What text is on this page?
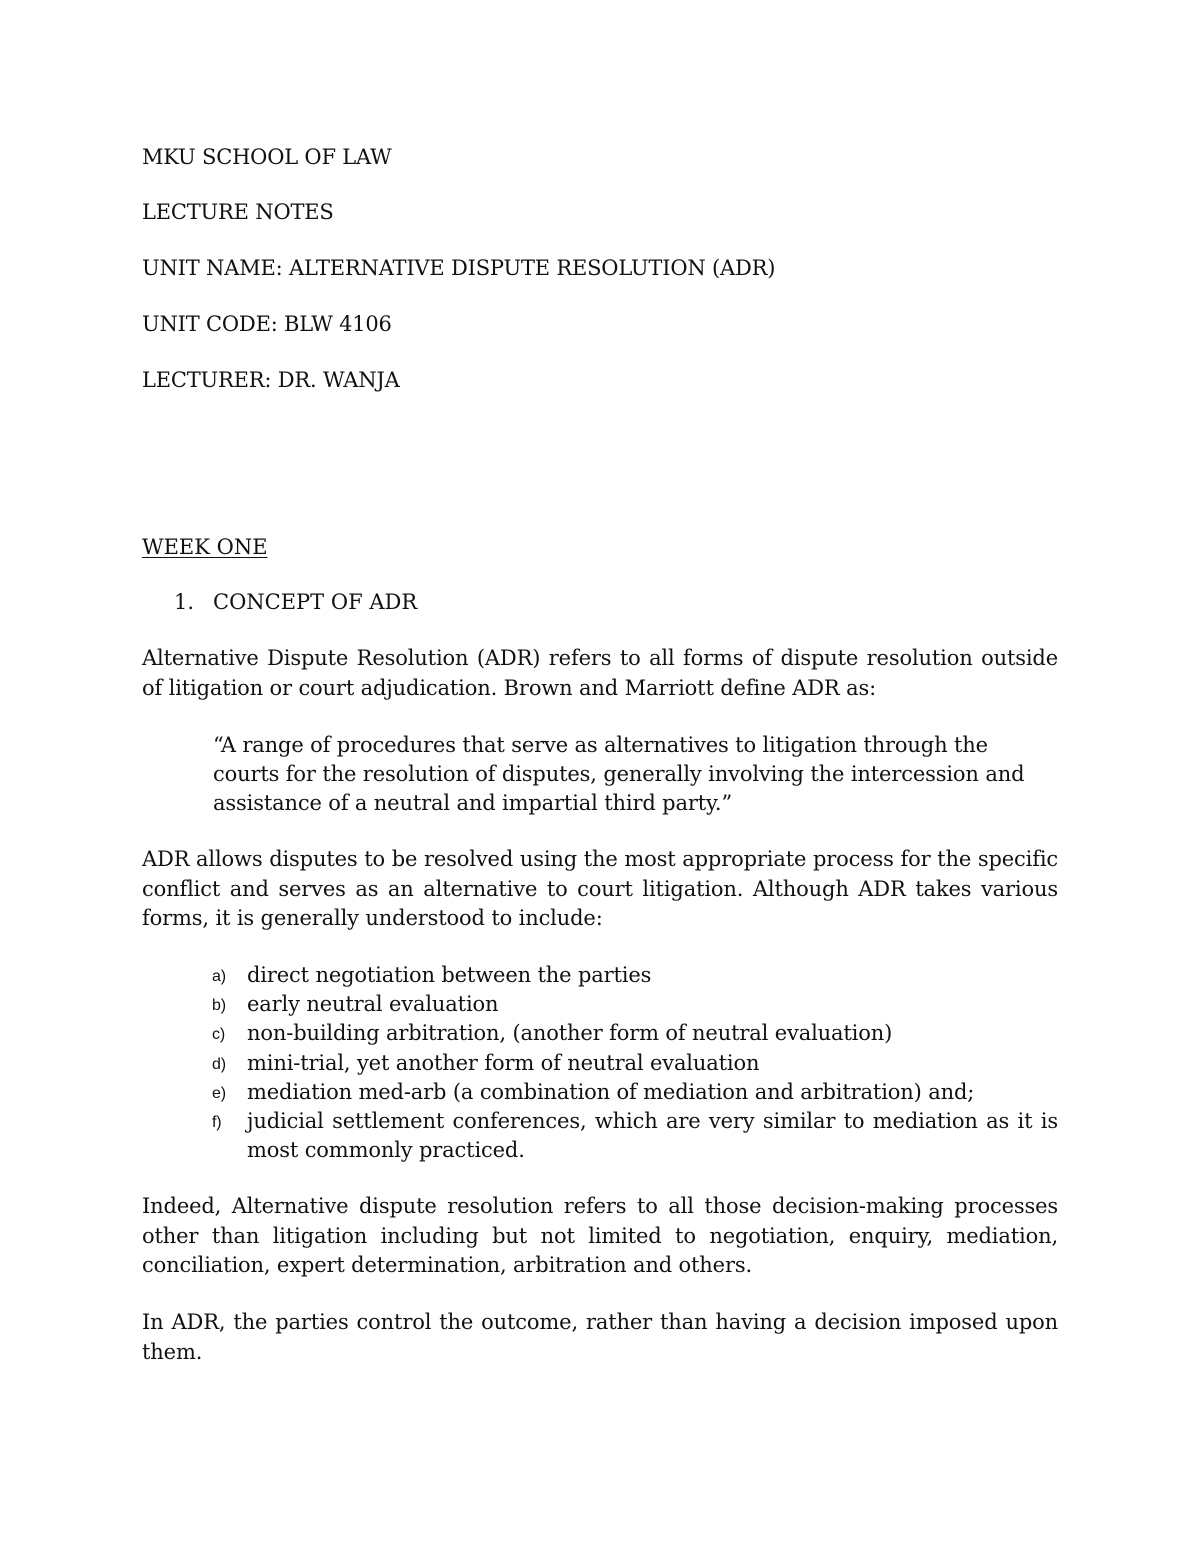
MKU SCHOOL OF LAW
LECTURE NOTES
UNIT NAME: ALTERNATIVE DISPUTE RESOLUTION (ADR)
UNIT CODE: BLW 4106
LECTURER: DR. WANJA
WEEK ONE
1. CONCEPT OF ADR

Alternative Dispute Resolution (ADR) refers to all forms of dispute resolution outside of litigation or court adjudication. Brown and Marriott define ADR as:

“A range of procedures that serve as alternatives to litigation through the courts for the resolution of disputes, generally involving the intercession and assistance of a neutral and impartial third party.”

ADR allows disputes to be resolved using the most appropriate process for the specific conflict and serves as an alternative to court litigation. Although ADR takes various forms, it is generally understood to include:

a) direct negotiation between the parties
b) early neutral evaluation
c) non-building arbitration, (another form of neutral evaluation)
d) mini-trial, yet another form of neutral evaluation
e) mediation med-arb (a combination of mediation and arbitration) and;
f) judicial settlement conferences, which are very similar to mediation as it is most commonly practiced.

Indeed, Alternative dispute resolution refers to all those decision-making processes other than litigation including but not limited to negotiation, enquiry, mediation, conciliation, expert determination, arbitration and others.

In ADR, the parties control the outcome, rather than having a decision imposed upon them.
